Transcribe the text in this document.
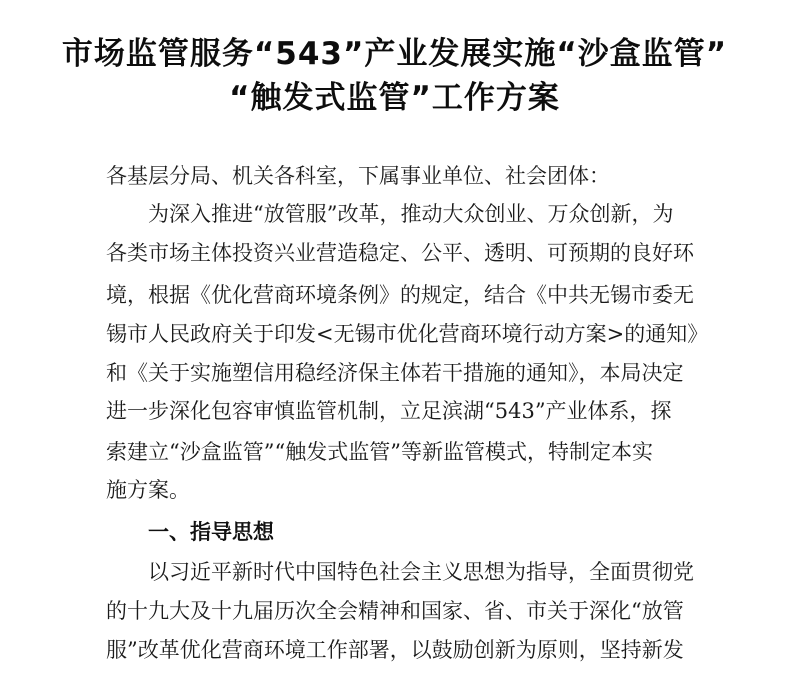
市场监管服务“543”产业发展实施“沙盒监管”
“触发式监管”工作方案
各基层分局、机关各科室，下属事业单位、社会团体：
为深入推进“放管服”改革，推动大众创业、万众创新，为
各类市场主体投资兴业营造稳定、公平、透明、可预期的良好环
境，根据《优化营商环境条例》的规定，结合《中共无锡市委无
锡市人民政府关于印发<无锡市优化营商环境行动方案>的通知》
和《关于实施塑信用稳经济保主体若干措施的通知》，本局决定
进一步深化包容审慎监管机制，立足滨湖“543”产业体系，探
索建立“沙盒监管”“触发式监管”等新监管模式，特制定本实
施方案。
一、指导思想
以习近平新时代中国特色社会主义思想为指导，全面贯彻党
的十九大及十九届历次全会精神和国家、省、市关于深化“放管
服”改革优化营商环境工作部署，以鼓励创新为原则，坚持新发
